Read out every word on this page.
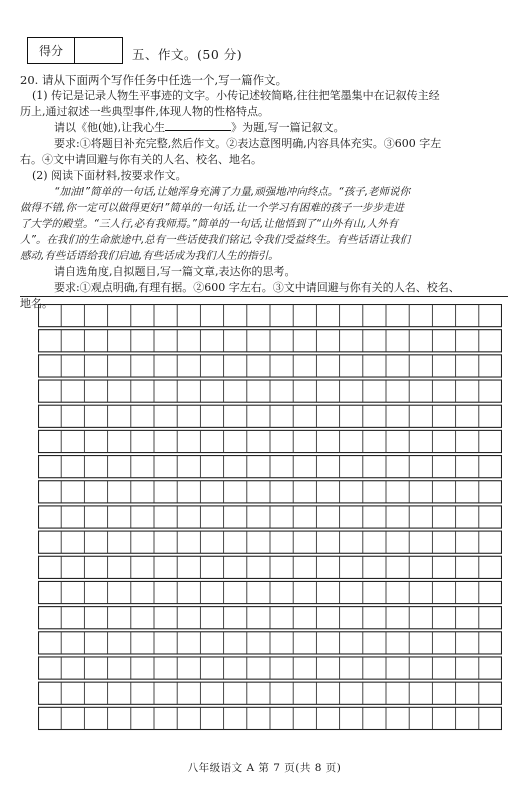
得分	五、作文。(50 分)

20. 请从下面两个写作任务中任选一个,写一篇作文。

(1) 传记是记录人物生平事迹的文字。小传记述较简略,往往把笔墨集中在记叙传主经

历上,通过叙述一些典型事件,体现人物的性格特点。

请以《他(她),让我心生	》为题,写一篇记叙文。

要求:①将题目补充完整,然后作文。②表达意图明确,内容具体充实。③600 字左

右。④文中请回避与你有关的人名、校名、地名。

(2) 阅读下面材料,按要求作文。

“加油!”简单的一句话,让她浑身充满了力量,顽强地冲向终点。“孩子,老师说你

做得不错,你一定可以做得更好!”简单的一句话,让一个学习有困难的孩子一步步走进

了大学的殿堂。“三人行,必有我师焉。”简单的一句话,让他悟到了“山外有山,人外有

人”。在我们的生命旅途中,总有一些话使我们铭记,令我们受益终生。有些话语让我们

感动,有些话语给我们启迪,有些话成为我们人生的指引。

请自选角度,自拟题目,写一篇文章,表达你的思考。

要求:①观点明确,有理有据。②600 字左右。③文中请回避与你有关的人名、校名、

地名。

八年级语文 A 第 7 页(共 8 页)
